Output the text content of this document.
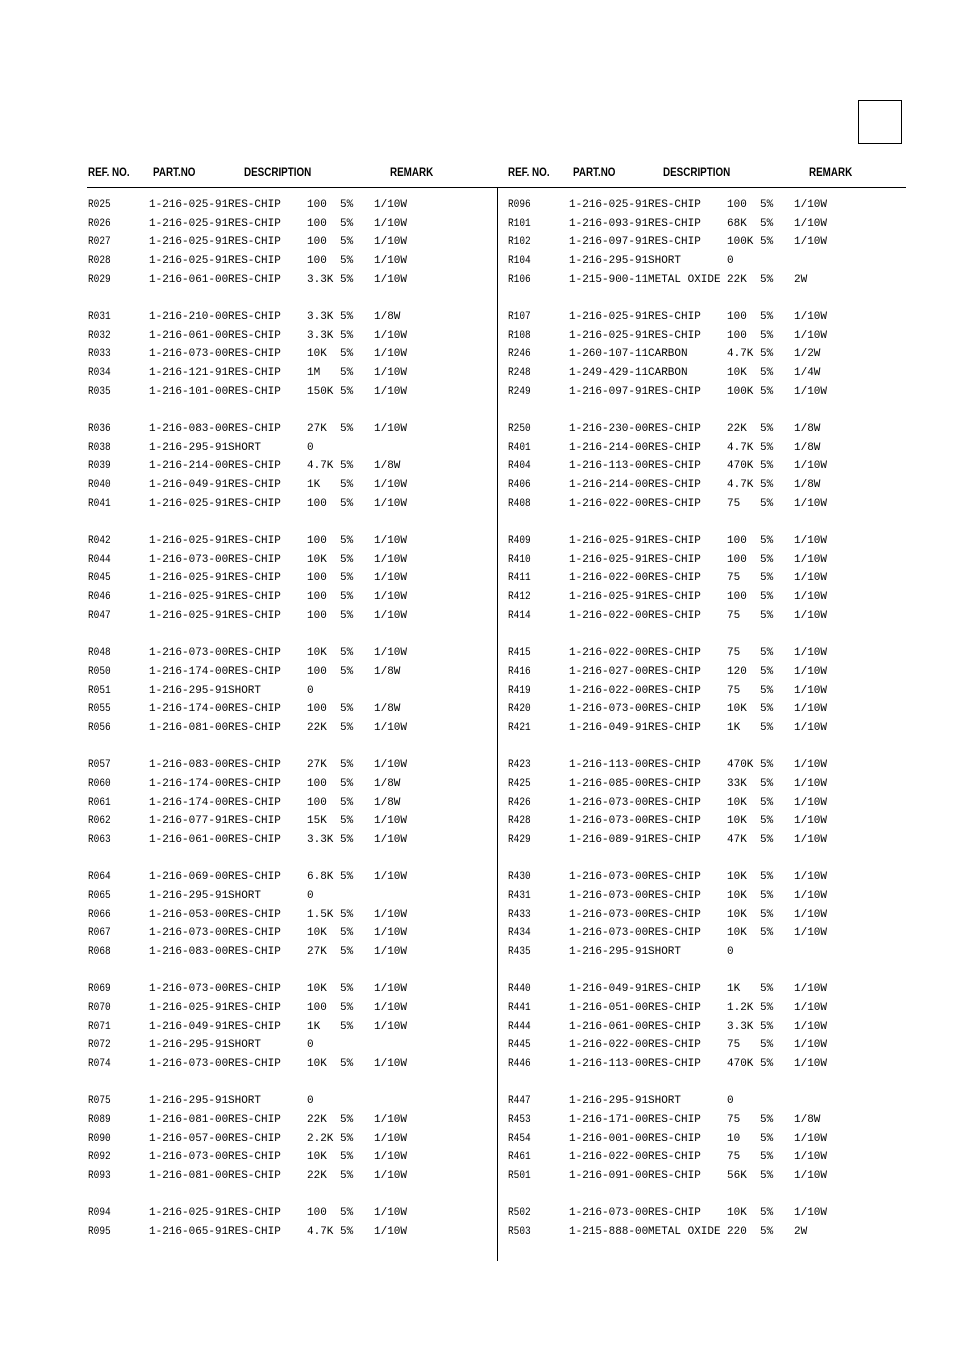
REF. NO. PART.NO	DESCRIPTION	REMARK	REF. NO. PART.NO	DESCRIPTION	REMARK
R025	1-216-025-91 RES-CHIP 100 5% 1/10W
R026	1-216-025-91 RES-CHIP 100 5% 1/10W
R027	1-216-025-91 RES-CHIP 100 5% 1/10W
R028	1-216-025-91 RES-CHIP 100 5% 1/10W
R029	1-216-061-00 RES-CHIP 3.3K 5% 1/10W
R031	1-216-210-00 RES-CHIP 3.3K 5% 1/8W
R032	1-216-061-00 RES-CHIP 3.3K 5% 1/10W
R033	1-216-073-00 RES-CHIP 10K 5% 1/10W
R034	1-216-121-91 RES-CHIP 1M 5% 1/10W
R035	1-216-101-00 RES-CHIP 150K 5% 1/10W
R036	1-216-083-00 RES-CHIP 27K 5% 1/10W
R038	1-216-295-91 SHORT	0
R039	1-216-214-00 RES-CHIP 4.7K 5% 1/8W
R040	1-216-049-91 RES-CHIP 1K 5% 1/10W
R041	1-216-025-91 RES-CHIP 100 5% 1/10W
R042	1-216-025-91 RES-CHIP 100 5% 1/10W
R044	1-216-073-00 RES-CHIP 10K 5% 1/10W
R045	1-216-025-91 RES-CHIP 100 5% 1/10W
R046	1-216-025-91 RES-CHIP 100 5% 1/10W
R047	1-216-025-91 RES-CHIP 100 5% 1/10W
R048	1-216-073-00 RES-CHIP 10K 5% 1/10W
R050	1-216-174-00 RES-CHIP 100 5% 1/8W
R051	1-216-295-91 SHORT	0
R055	1-216-174-00 RES-CHIP 100 5% 1/8W
R056	1-216-081-00 RES-CHIP 22K 5% 1/10W
R057	1-216-083-00 RES-CHIP 27K 5% 1/10W
R060	1-216-174-00 RES-CHIP 100 5% 1/8W
R061	1-216-174-00 RES-CHIP 100 5% 1/8W
R062	1-216-077-91 RES-CHIP 15K 5% 1/10W
R063	1-216-061-00 RES-CHIP 3.3K 5% 1/10W
R064	1-216-069-00 RES-CHIP 6.8K 5% 1/10W
R065	1-216-295-91 SHORT	0
R066	1-216-053-00 RES-CHIP 1.5K 5% 1/10W
R067	1-216-073-00 RES-CHIP 10K 5% 1/10W
R068	1-216-083-00 RES-CHIP 27K 5% 1/10W
R069	1-216-073-00 RES-CHIP 10K 5% 1/10W
R070	1-216-025-91 RES-CHIP 100 5% 1/10W
R071	1-216-049-91 RES-CHIP 1K 5% 1/10W
R072	1-216-295-91 SHORT	0
R074	1-216-073-00 RES-CHIP 10K 5% 1/10W
R075	1-216-295-91 SHORT	0
R089	1-216-081-00 RES-CHIP 22K 5% 1/10W
R090	1-216-057-00 RES-CHIP 2.2K 5% 1/10W
R092	1-216-073-00 RES-CHIP 10K 5% 1/10W
R093	1-216-081-00 RES-CHIP 22K 5% 1/10W
R094	1-216-025-91 RES-CHIP 100 5% 1/10W
R095	1-216-065-91 RES-CHIP 4.7K 5% 1/10W
R096	1-216-025-91 RES-CHIP 100 5% 1/10W
R101	1-216-093-91 RES-CHIP 68K 5% 1/10W
R102	1-216-097-91 RES-CHIP 100K 5% 1/10W
R104	1-216-295-91 SHORT	0
R106	1-215-900-11 METAL OXIDE 22K 5% 2W
R107	1-216-025-91 RES-CHIP 100 5% 1/10W
R108	1-216-025-91 RES-CHIP 100 5% 1/10W
R246	1-260-107-11 CARBON	4.7K 5% 1/2W
R248	1-249-429-11 CARBON	10K 5% 1/4W
R249	1-216-097-91 RES-CHIP 100K 5% 1/10W
R250	1-216-230-00 RES-CHIP 22K 5% 1/8W
R401	1-216-214-00 RES-CHIP 4.7K 5% 1/8W
R404	1-216-113-00 RES-CHIP 470K 5% 1/10W
R406	1-216-214-00 RES-CHIP 4.7K 5% 1/8W
R408	1-216-022-00 RES-CHIP 75 5% 1/10W
R409	1-216-025-91 RES-CHIP 100 5% 1/10W
R410	1-216-025-91 RES-CHIP 100 5% 1/10W
R411	1-216-022-00 RES-CHIP 75 5% 1/10W
R412	1-216-025-91 RES-CHIP 100 5% 1/10W
R414	1-216-022-00 RES-CHIP 75 5% 1/10W
R415	1-216-022-00 RES-CHIP 75 5% 1/10W
R416	1-216-027-00 RES-CHIP 120 5% 1/10W
R419	1-216-022-00 RES-CHIP 75 5% 1/10W
R420	1-216-073-00 RES-CHIP 10K 5% 1/10W
R421	1-216-049-91 RES-CHIP 1K 5% 1/10W
R423	1-216-113-00 RES-CHIP 470K 5% 1/10W
R425	1-216-085-00 RES-CHIP 33K 5% 1/10W
R426	1-216-073-00 RES-CHIP 10K 5% 1/10W
R428	1-216-073-00 RES-CHIP 10K 5% 1/10W
R429	1-216-089-91 RES-CHIP 47K 5% 1/10W
R430	1-216-073-00 RES-CHIP 10K 5% 1/10W
R431	1-216-073-00 RES-CHIP 10K 5% 1/10W
R433	1-216-073-00 RES-CHIP 10K 5% 1/10W
R434	1-216-073-00 RES-CHIP 10K 5% 1/10W
R435	1-216-295-91 SHORT	0
R440	1-216-049-91 RES-CHIP 1K 5% 1/10W
R441	1-216-051-00 RES-CHIP 1.2K 5% 1/10W
R444	1-216-061-00 RES-CHIP 3.3K 5% 1/10W
R445	1-216-022-00 RES-CHIP 75 5% 1/10W
R446	1-216-113-00 RES-CHIP 470K 5% 1/10W
R447	1-216-295-91 SHORT	0
R453	1-216-171-00 RES-CHIP 75 5% 1/8W
R454	1-216-001-00 RES-CHIP 10 5% 1/10W
R461	1-216-022-00 RES-CHIP 75 5% 1/10W
R501	1-216-091-00 RES-CHIP 56K 5% 1/10W
R502	1-216-073-00 RES-CHIP 10K 5% 1/10W
R503	1-215-888-00 METAL OXIDE 220 5% 2W
